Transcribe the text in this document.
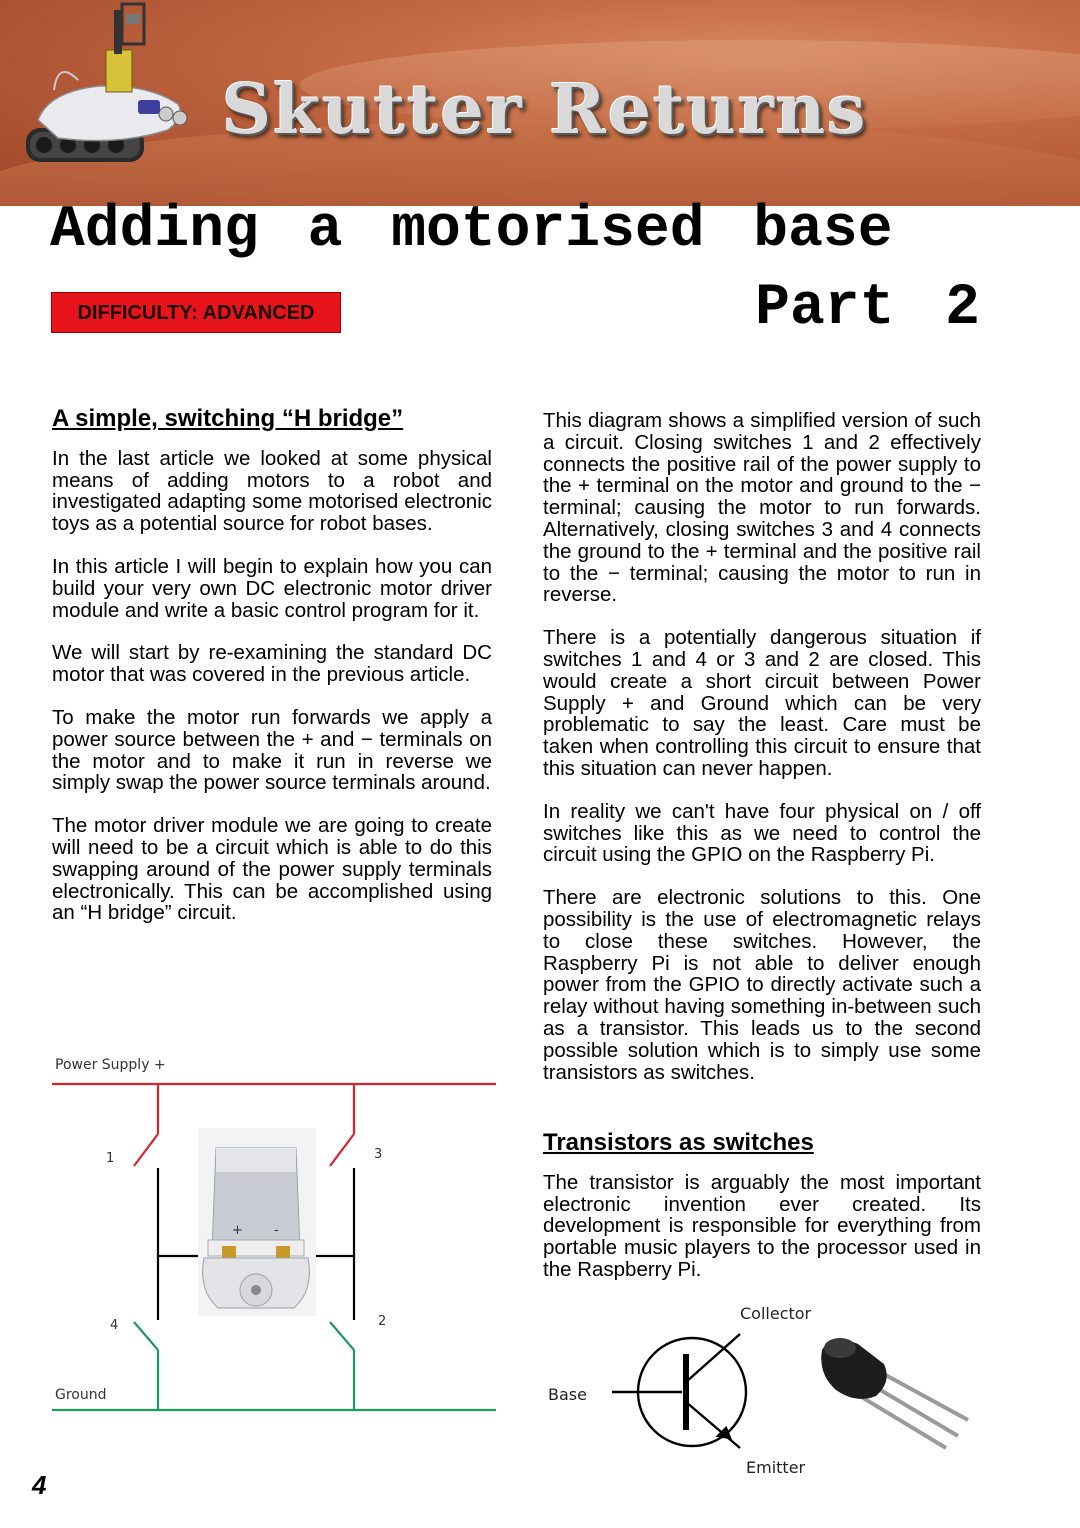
Skutter Returns
Adding a motorised base
DIFFICULTY: ADVANCED	Part 2
A simple, switching “H bridge”

In the last article we looked at some physical means of adding motors to a robot and investigated adapting some motorised electronic toys as a potential source for robot bases.

In this article I will begin to explain how you can build your very own DC electronic motor driver module and write a basic control program for it.

We will start by re-examining the standard DC motor that was covered in the previous article.

To make the motor run forwards we apply a power source between the + and − terminals on the motor and to make it run in reverse we simply swap the power source terminals around.

The motor driver module we are going to create will need to be a circuit which is able to do this swapping around of the power supply terminals electronically. This can be accomplished using an “H bridge” circuit.

Power Supply +
Ground
+ -
1	3
4	2

This diagram shows a simplified version of such a circuit. Closing switches 1 and 2 effectively connects the positive rail of the power supply to the + terminal on the motor and ground to the − terminal; causing the motor to run forwards. Alternatively, closing switches 3 and 4 connects the ground to the + terminal and the positive rail to the − terminal; causing the motor to run in reverse.

There is a potentially dangerous situation if switches 1 and 4 or 3 and 2 are closed. This would create a short circuit between Power Supply + and Ground which can be very problematic to say the least. Care must be taken when controlling this circuit to ensure that this situation can never happen.

In reality we can't have four physical on / off switches like this as we need to control the circuit using the GPIO on the Raspberry Pi.

There are electronic solutions to this. One possibility is the use of electromagnetic relays to close these switches. However, the Raspberry Pi is not able to deliver enough power from the GPIO to directly activate such a relay without having something in-between such as a transistor. This leads us to the second possible solution which is to simply use some transistors as switches.

Transistors as switches

The transistor is arguably the most important electronic invention ever created. Its development is responsible for everything from portable music players to the processor used in the Raspberry Pi.

Collector
Base
Emitter
4
